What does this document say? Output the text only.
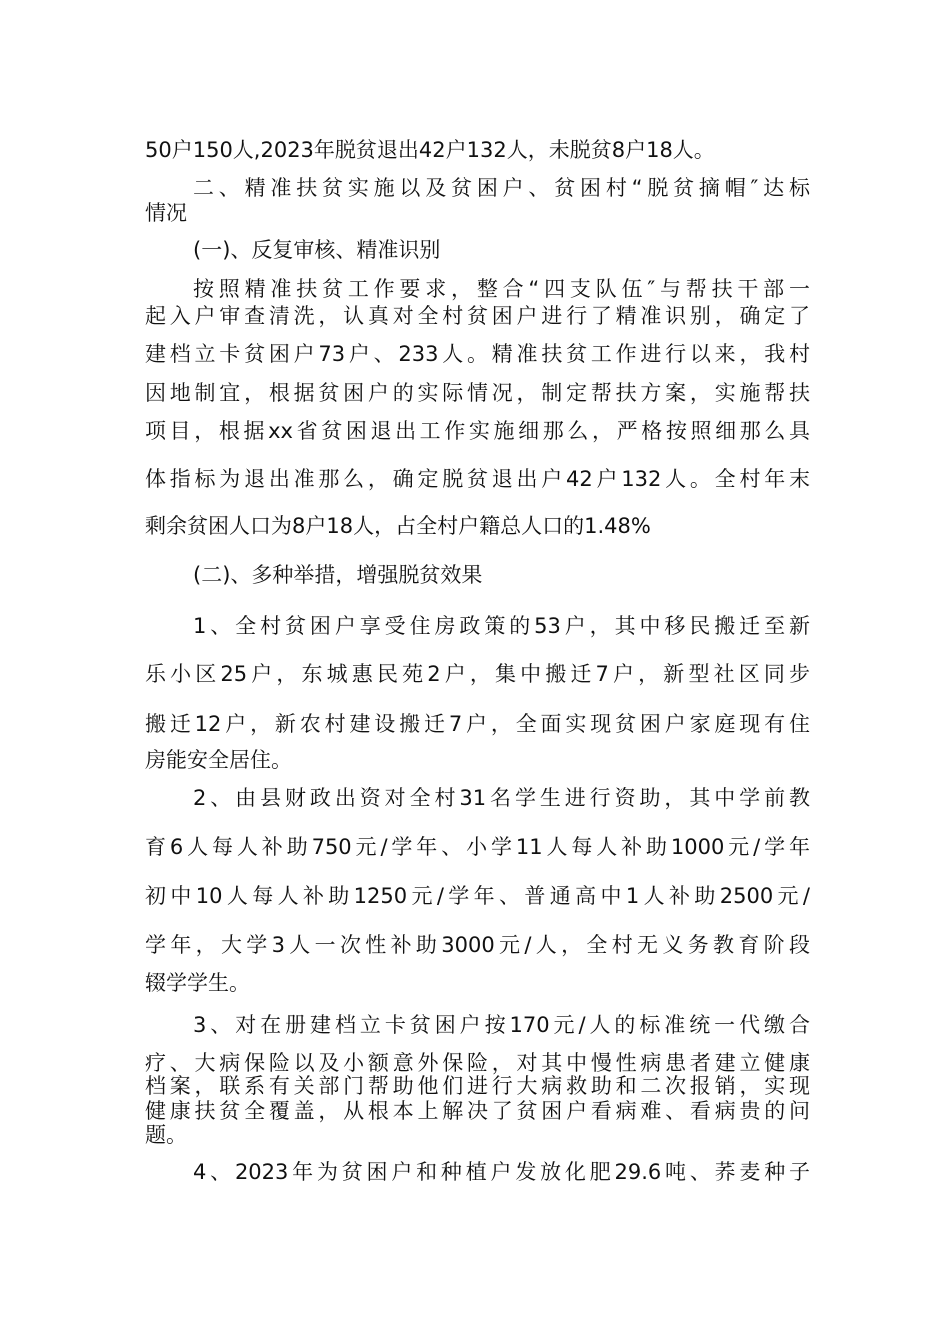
50户150人,2023年脱贫退出42户132人，未脱贫8户18人。
二、精准扶贫实施以及贫困户、贫困村“脱贫摘帽″达标
情况
(一)、反复审核、精准识别
按照精准扶贫工作要求，整合“四支队伍″与帮扶干部一
起入户审查清洗，认真对全村贫困户进行了精准识别，确定了
建档立卡贫困户73户、233人。精准扶贫工作进行以来，我村
因地制宜，根据贫困户的实际情况，制定帮扶方案，实施帮扶
项目，根据xx省贫困退出工作实施细那么，严格按照细那么具
体指标为退出准那么，确定脱贫退出户42户132人。全村年末
剩余贫困人口为8户18人，占全村户籍总人口的1.48%
(二)、多种举措，增强脱贫效果
1、全村贫困户享受住房政策的53户，其中移民搬迁至新
乐小区25户，东城惠民苑2户，集中搬迁7户，新型社区同步
搬迁12户，新农村建设搬迁7户，全面实现贫困户家庭现有住
房能安全居住。
2、由县财政出资对全村31名学生进行资助，其中学前教
育6人每人补助750元/学年、小学11人每人补助1000元/学年
初中10人每人补助1250元/学年、普通高中1人补助2500元/
学年，大学3人一次性补助3000元/人，全村无义务教育阶段
辍学学生。
3、对在册建档立卡贫困户按170元/人的标准统一代缴合
疗、大病保险以及小额意外保险，对其中慢性病患者建立健康
档案，联系有关部门帮助他们进行大病救助和二次报销，实现
健康扶贫全覆盖，从根本上解决了贫困户看病难、看病贵的问
题。
4、2023年为贫困户和种植户发放化肥29.6吨、荞麦种子
